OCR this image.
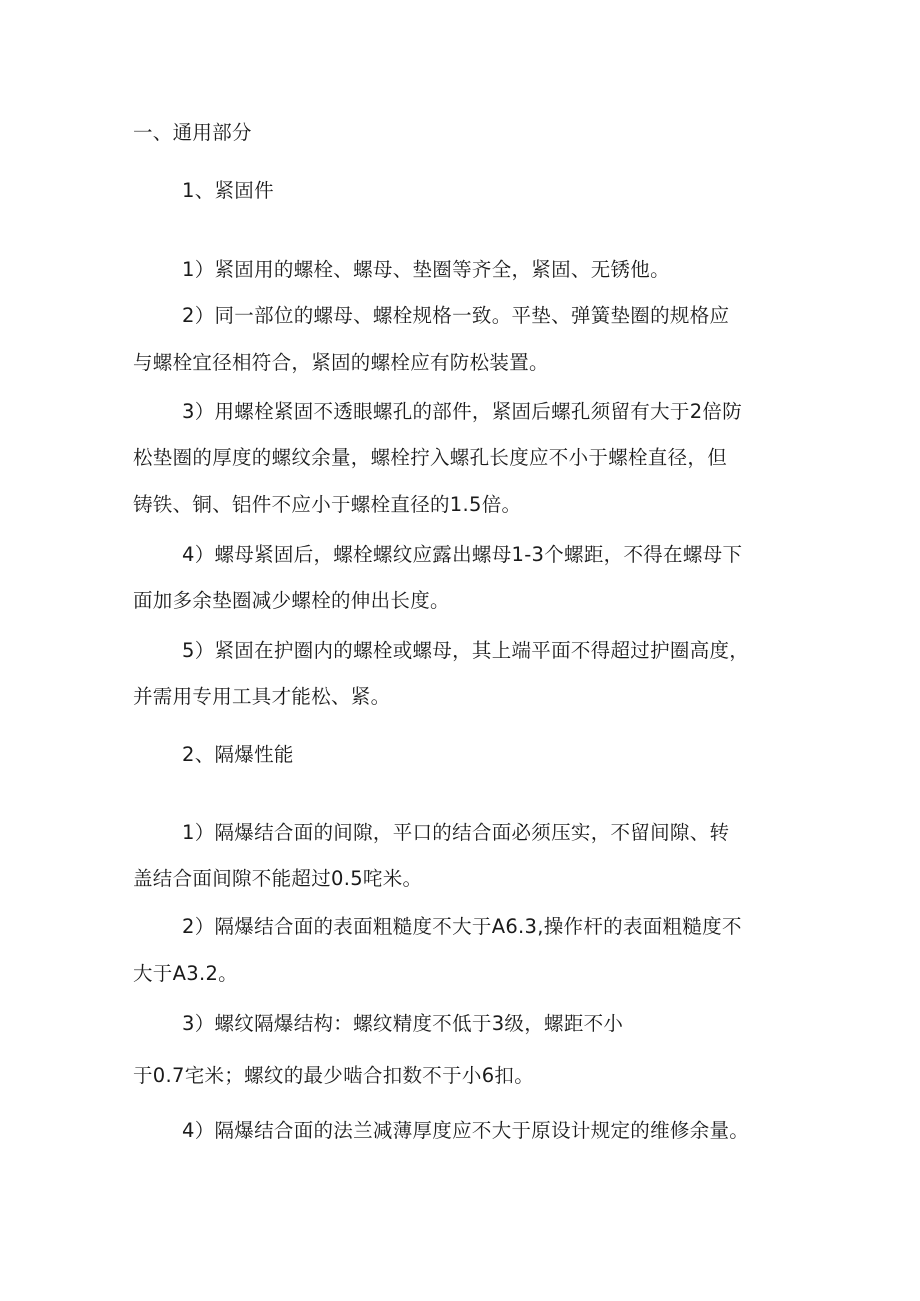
一、通用部分
1、紧固件
1）紧固用的螺栓、螺母、垫圈等齐全，紧固、无锈他。
2）同一部位的螺母、螺栓规格一致。平垫、弹簧垫圈的规格应
与螺栓宜径相符合，紧固的螺栓应有防松装置。
3）用螺栓紧固不透眼螺孔的部件，紧固后螺孔须留有大于2倍防
松垫圈的厚度的螺纹余量，螺栓拧入螺孔长度应不小于螺栓直径，但
铸铁、铜、铝件不应小于螺栓直径的1.5倍。
4）螺母紧固后，螺栓螺纹应露出螺母1-3个螺距，不得在螺母下
面加多余垫圈减少螺栓的伸出长度。
5）紧固在护圈内的螺栓或螺母，其上端平面不得超过护圈高度，
并需用专用工具才能松、紧。
2、隔爆性能
1）隔爆结合面的间隙，平口的结合面必须压实，不留间隙、转
盖结合面间隙不能超过0.5咤米。
2）隔爆结合面的表面粗糙度不大于A6.3,操作杆的表面粗糙度不
大于A3.2。
3）螺纹隔爆结构：螺纹精度不低于3级，螺距不小
于0.7宅米；螺纹的最少啮合扣数不于小6扣。
4）隔爆结合面的法兰减薄厚度应不大于原设计规定的维修余量。
